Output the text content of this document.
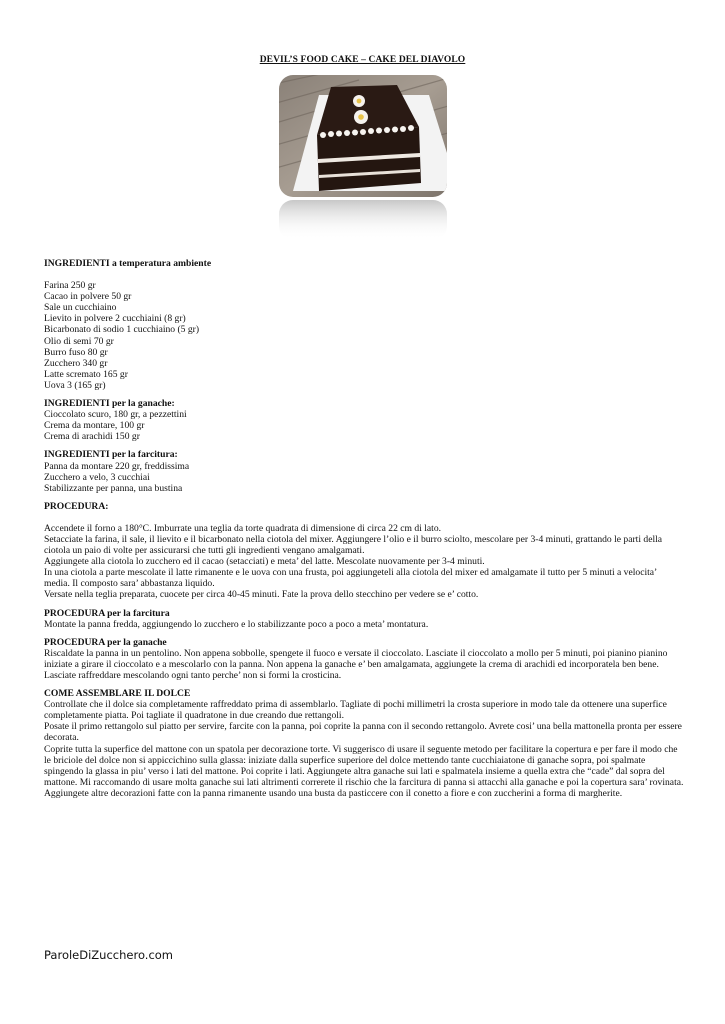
DEVIL’S FOOD CAKE – CAKE DEL DIAVOLO

INGREDIENTI a temperatura ambiente

Farina 250 gr

Cacao in polvere 50 gr

Sale un cucchiaino

Lievito in polvere 2 cucchiaini (8 gr)

Bicarbonato di sodio 1 cucchiaino (5 gr)

Olio di semi 70 gr

Burro fuso 80 gr

Zucchero 340 gr

Latte scremato 165 gr

Uova 3 (165 gr)

INGREDIENTI per la ganache:

Cioccolato scuro, 180 gr, a pezzettini

Crema da montare, 100 gr

Crema di arachidi 150 gr

INGREDIENTI per la farcitura:

Panna da montare 220 gr, freddissima

Zucchero a velo, 3 cucchiai

Stabilizzante per panna, una bustina

PROCEDURA:

Accendete il forno a 180°C. Imburrate una teglia da torte quadrata di dimensione di circa 22 cm di lato.

Setacciate la farina, il sale, il lievito e il bicarbonato nella ciotola del mixer. Aggiungere l’olio e il burro sciolto, mescolare per 3-4 minuti, grattando le parti della ciotola un paio di volte per assicurarsi che tutti gli ingredienti vengano amalgamati.

Aggiungete alla ciotola lo zucchero ed il cacao (setacciati) e meta’ del latte. Mescolate nuovamente per 3-4 minuti.

In una ciotola a parte mescolate il latte rimanente e le uova con una frusta, poi aggiungeteli alla ciotola del mixer ed amalgamate il tutto per 5 minuti a velocita’ media. Il composto sara’ abbastanza liquido.

Versate nella teglia preparata, cuocete per circa 40-45 minuti. Fate la prova dello stecchino per vedere se e’ cotto.

PROCEDURA per la farcitura

Montate la panna fredda, aggiungendo lo zucchero e lo stabilizzante poco a poco a meta’ montatura.

PROCEDURA per la ganache

Riscaldate la panna in un pentolino. Non appena sobbolle, spengete il fuoco e versate il cioccolato. Lasciate il cioccolato a mollo per 5 minuti, poi pianino pianino iniziate a girare il cioccolato e a mescolarlo con la panna. Non appena la ganache e’ ben amalgamata, aggiungete la crema di arachidi ed incorporatela ben bene. Lasciate raffreddare mescolando ogni tanto perche’ non si formi la crosticina.

COME ASSEMBLARE IL DOLCE

Controllate che il dolce sia completamente raffreddato prima di assemblarlo. Tagliate di pochi millimetri la crosta superiore in modo tale da ottenere una superfice completamente piatta. Poi tagliate il quadratone in due creando due rettangoli.

Posate il primo rettangolo sul piatto per servire, farcite con la panna, poi coprite la panna con il secondo rettangolo. Avrete cosi’ una bella mattonella pronta per essere decorata.

Coprite tutta la superfice del mattone con un spatola per decorazione torte. Vi suggerisco di usare il seguente metodo per facilitare la copertura e per fare il modo che le briciole del dolce non si appiccichino sulla glassa: iniziate dalla superfice superiore del dolce mettendo tante cucchiaiatone di ganache sopra, poi spalmate spingendo la glassa in piu’ verso i lati del mattone. Poi coprite i lati. Aggiungete altra ganache sui lati e spalmatela insieme a quella extra che “cade” dal sopra del mattone. Mi raccomando di usare molta ganache sui lati altrimenti correrete il rischio che la farcitura di panna si attacchi alla ganache e poi la copertura sara’ rovinata.

Aggiungete altre decorazioni fatte con la panna rimanente usando una busta da pasticcere con il conetto a fiore e con zuccherini a forma di margherite.

ParoleDiZucchero.com
